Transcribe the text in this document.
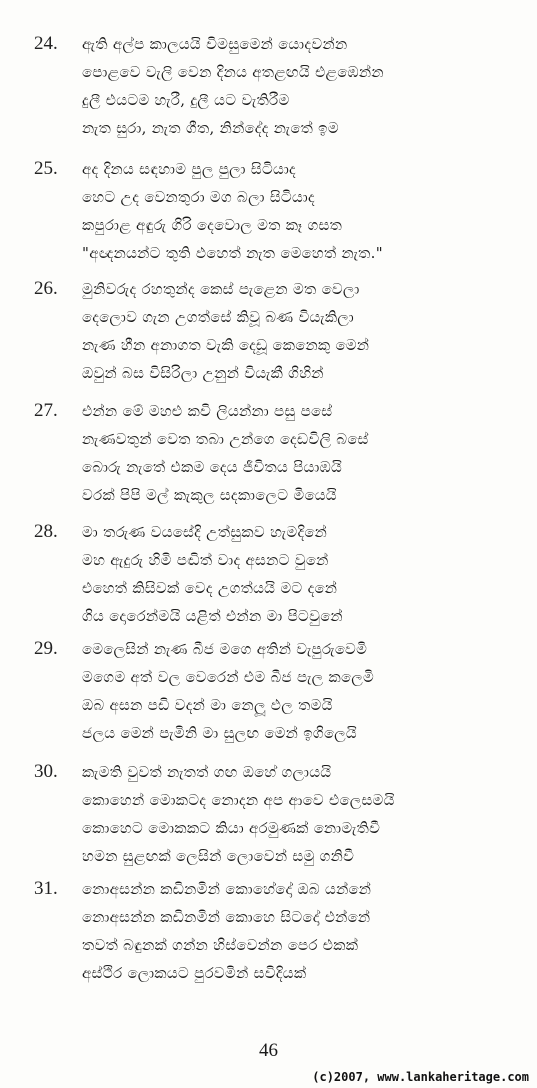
24. ඇති අල්ප කාලයයි විමසුමෙන් යොදවන්න
පොළවෙ වැලි වෙන දිනය අතළඟයි එළඹෙන්න
දුලී එයටම හැරී, දුලී යට වැතිරීම
නැත සුරා, නැත ගීත, නින්දේද නැතේ ඉම
25. අද දිනය සඳහාම පුල පුලා සිටියාද
හෙට උද වෙනතුරා මග බලා සිටියාද
කපුරාළ අඳුරු ගිරි දෙවොල මත කෑ ගසත
"අඥනයන්ට තුති ඵහෙත් නැත මෙහෙත් නැත."
26. මුනිවරුද රහතුන්ද කෙස් පැළෙන මත වෙලා
දෙලොව ගැන උගත්සේ කිවූ බණ වියැකිලා
නැණ හීන අනාගත වැකි දෙඩූ කෙනෙකු මෙන්
ඔවුන් බස විසිරිලා උනුන් වියැකී ගිහින්
27. එන්න මේ මහළු කවි ලියන්නා පසු පසේ
නැණවතුන් වෙත තබා උන්ගෙ දෙඩවිලි බසේ
බොරු නැතේ එකම දෙය ජීවිතය පියාඹයි
වරක් පිපි මල් කැකුල සදකාලෙට මියෙයි
28. මා තරුණ වයසේදි උත්සුකව හැමදිනේ
මහ ඇදුරු හිමි පඬිත් වාද අසනට වුනේ
එහෙත් කිසිවක් වෙද උගත්යයි මට දනේ
ගිය දොරෙන්මයි යළිත් එන්න මා පිටවුනේ
29. මෙලෙසින් නැණ බීජ මගෙ අතින් වැපුරුවෙමි
මගෙම අත් වල වෙරෙන් එම බීජ පැල කලෙමි
ඔබ අසන පඩි වදන් මා නෙලූ ඵල තමයි
ජලය මෙන් පැමිනි මා සුලඟ මෙන් ඉගිලෙයි
30. කැමති වුවත් නැතත් ගඟ ඔහේ ගලායයි
කොහෙන් මොකටද නොදන අප ආවෙ එලෙසමයි
කොහෙට මොකකට කියා අරමුණක් නොමැතිවී
හමන සුළඟක් ලෙසින් ලොවෙන් සමු ගනිවී
31. නොඅසන්න කඩිනමින් කොහේදෝ ඔබ යන්නේ
නොඅසන්න කඩිනමින් කොහෙ සිටදෝ එන්නේ
තවත් බඳුනක් ගන්න හිස්වෙන්න පෙර එකක්
අස්ථිර ලොකයට පුරවමින් සවිදියක්
46
(c)2007, www.lankaheritage.com
